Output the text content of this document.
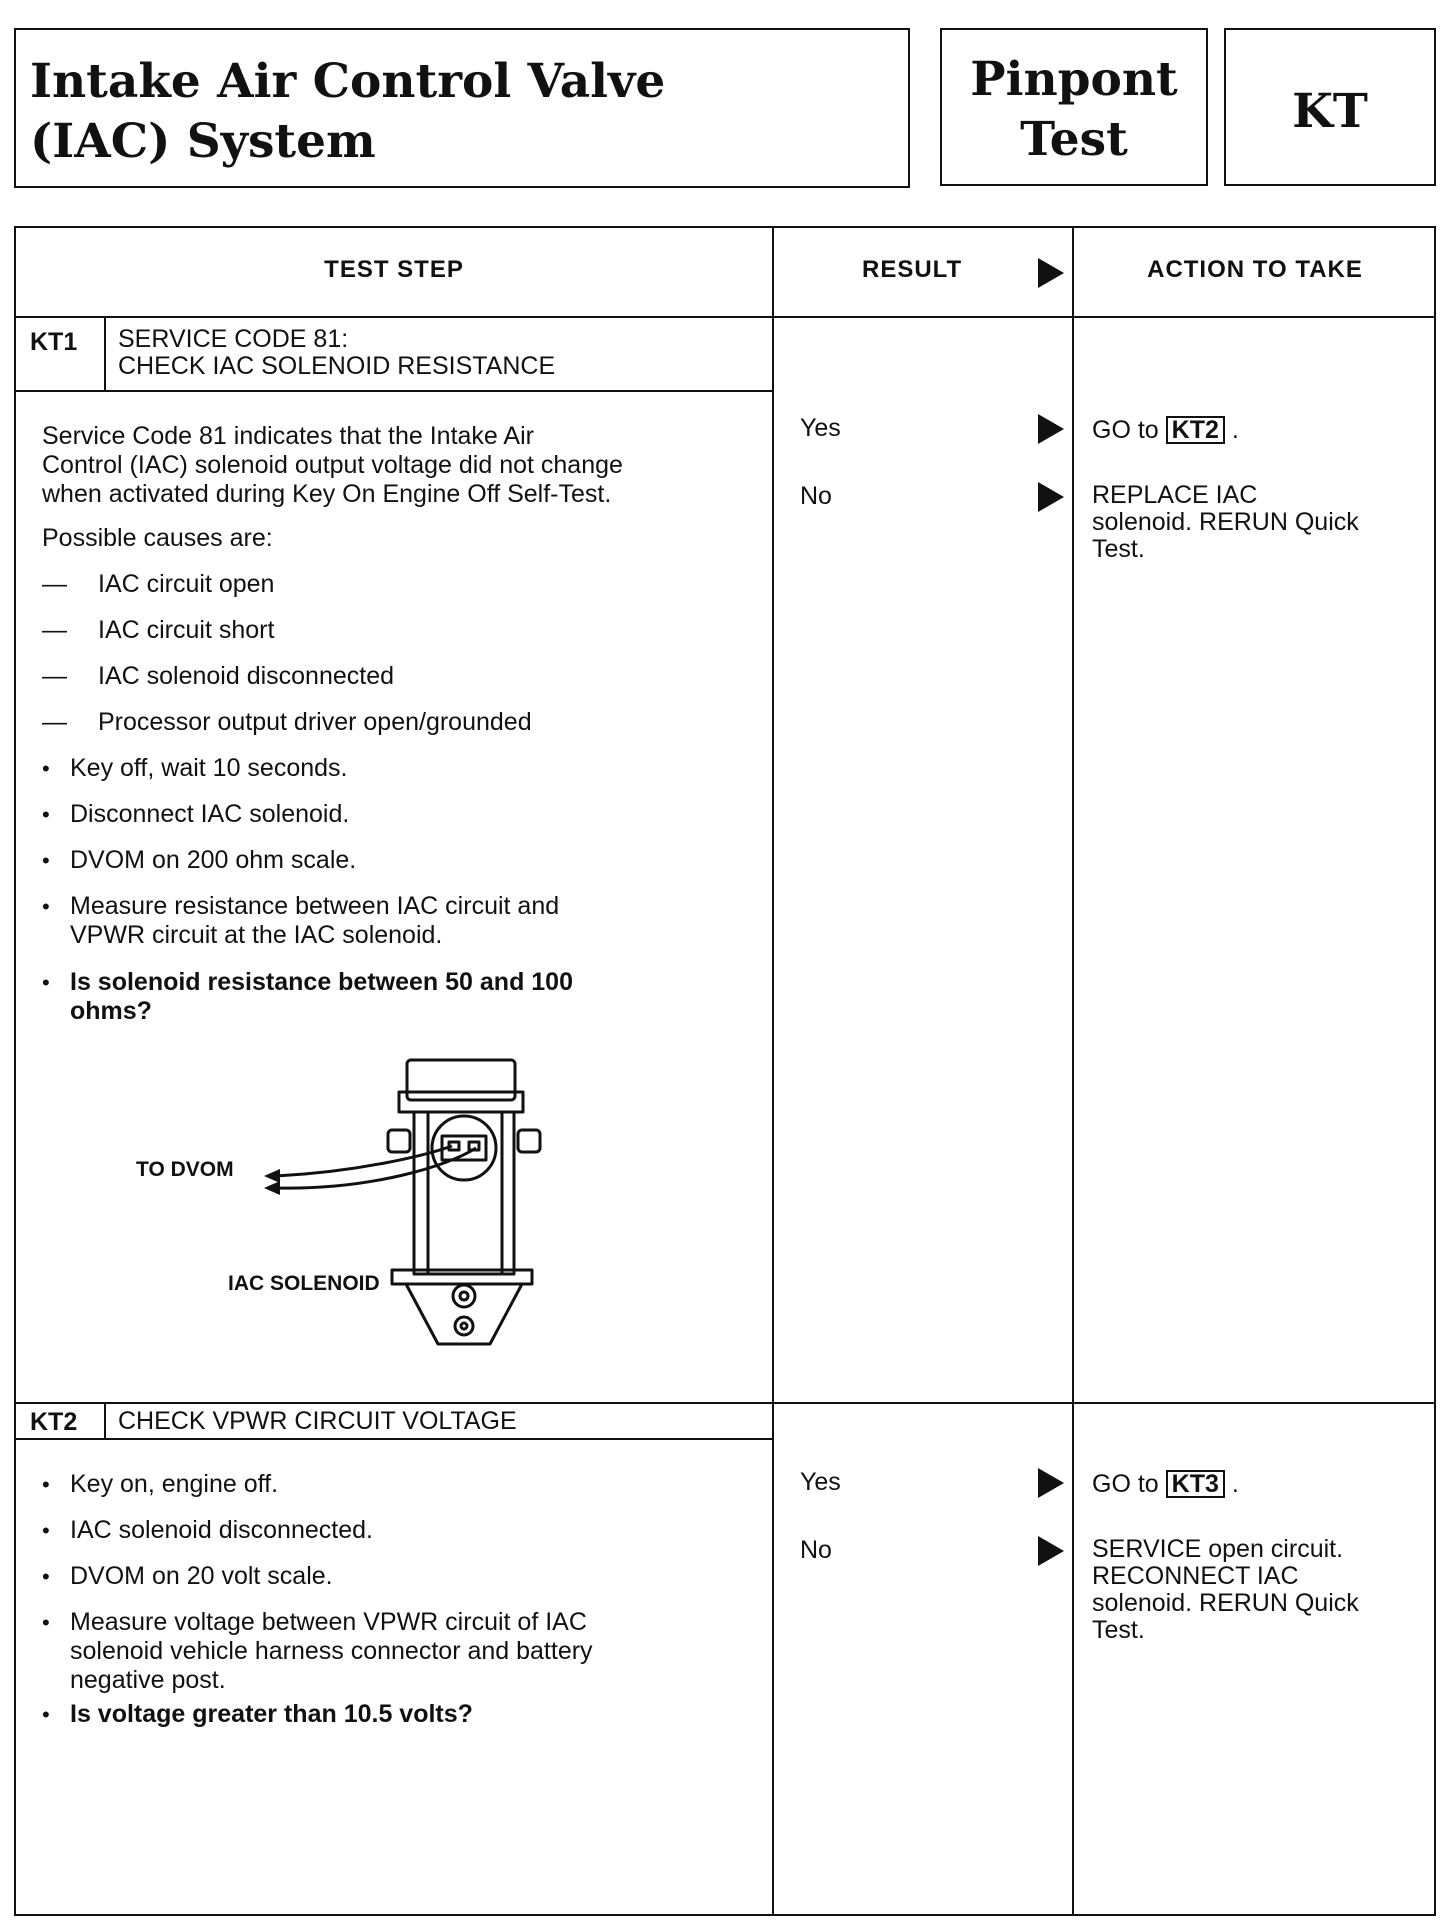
Intake Air Control Valve
(IAC) System
Pinpont
Test
KT
TEST STEP	RESULT	ACTION TO TAKE
KT1 SERVICE CODE 81:
CHECK IAC SOLENOID RESISTANCE
Service Code 81 indicates that the Intake Air
Control (IAC) solenoid output voltage did not change
when activated during Key On Engine Off Self-Test.
Possible causes are:
— IAC circuit open
— IAC circuit short
— IAC solenoid disconnected
— Processor output driver open/grounded
• Key off, wait 10 seconds.
• Disconnect IAC solenoid.
• DVOM on 200 ohm scale.
• Measure resistance between IAC circuit and
VPWR circuit at the IAC solenoid.
• Is solenoid resistance between 50 and 100
ohms?
TO DVOM
IAC SOLENOID
Yes	GO to KT2 .
No	REPLACE IAC
solenoid. RERUN Quick
Test.
KT2 CHECK VPWR CIRCUIT VOLTAGE
• Key on, engine off.
• IAC solenoid disconnected.
• DVOM on 20 volt scale.
• Measure voltage between VPWR circuit of IAC
solenoid vehicle harness connector and battery
negative post.
• Is voltage greater than 10.5 volts?
Yes	GO to KT3 .
No	SERVICE open circuit.
RECONNECT IAC
solenoid. RERUN Quick
Test.
